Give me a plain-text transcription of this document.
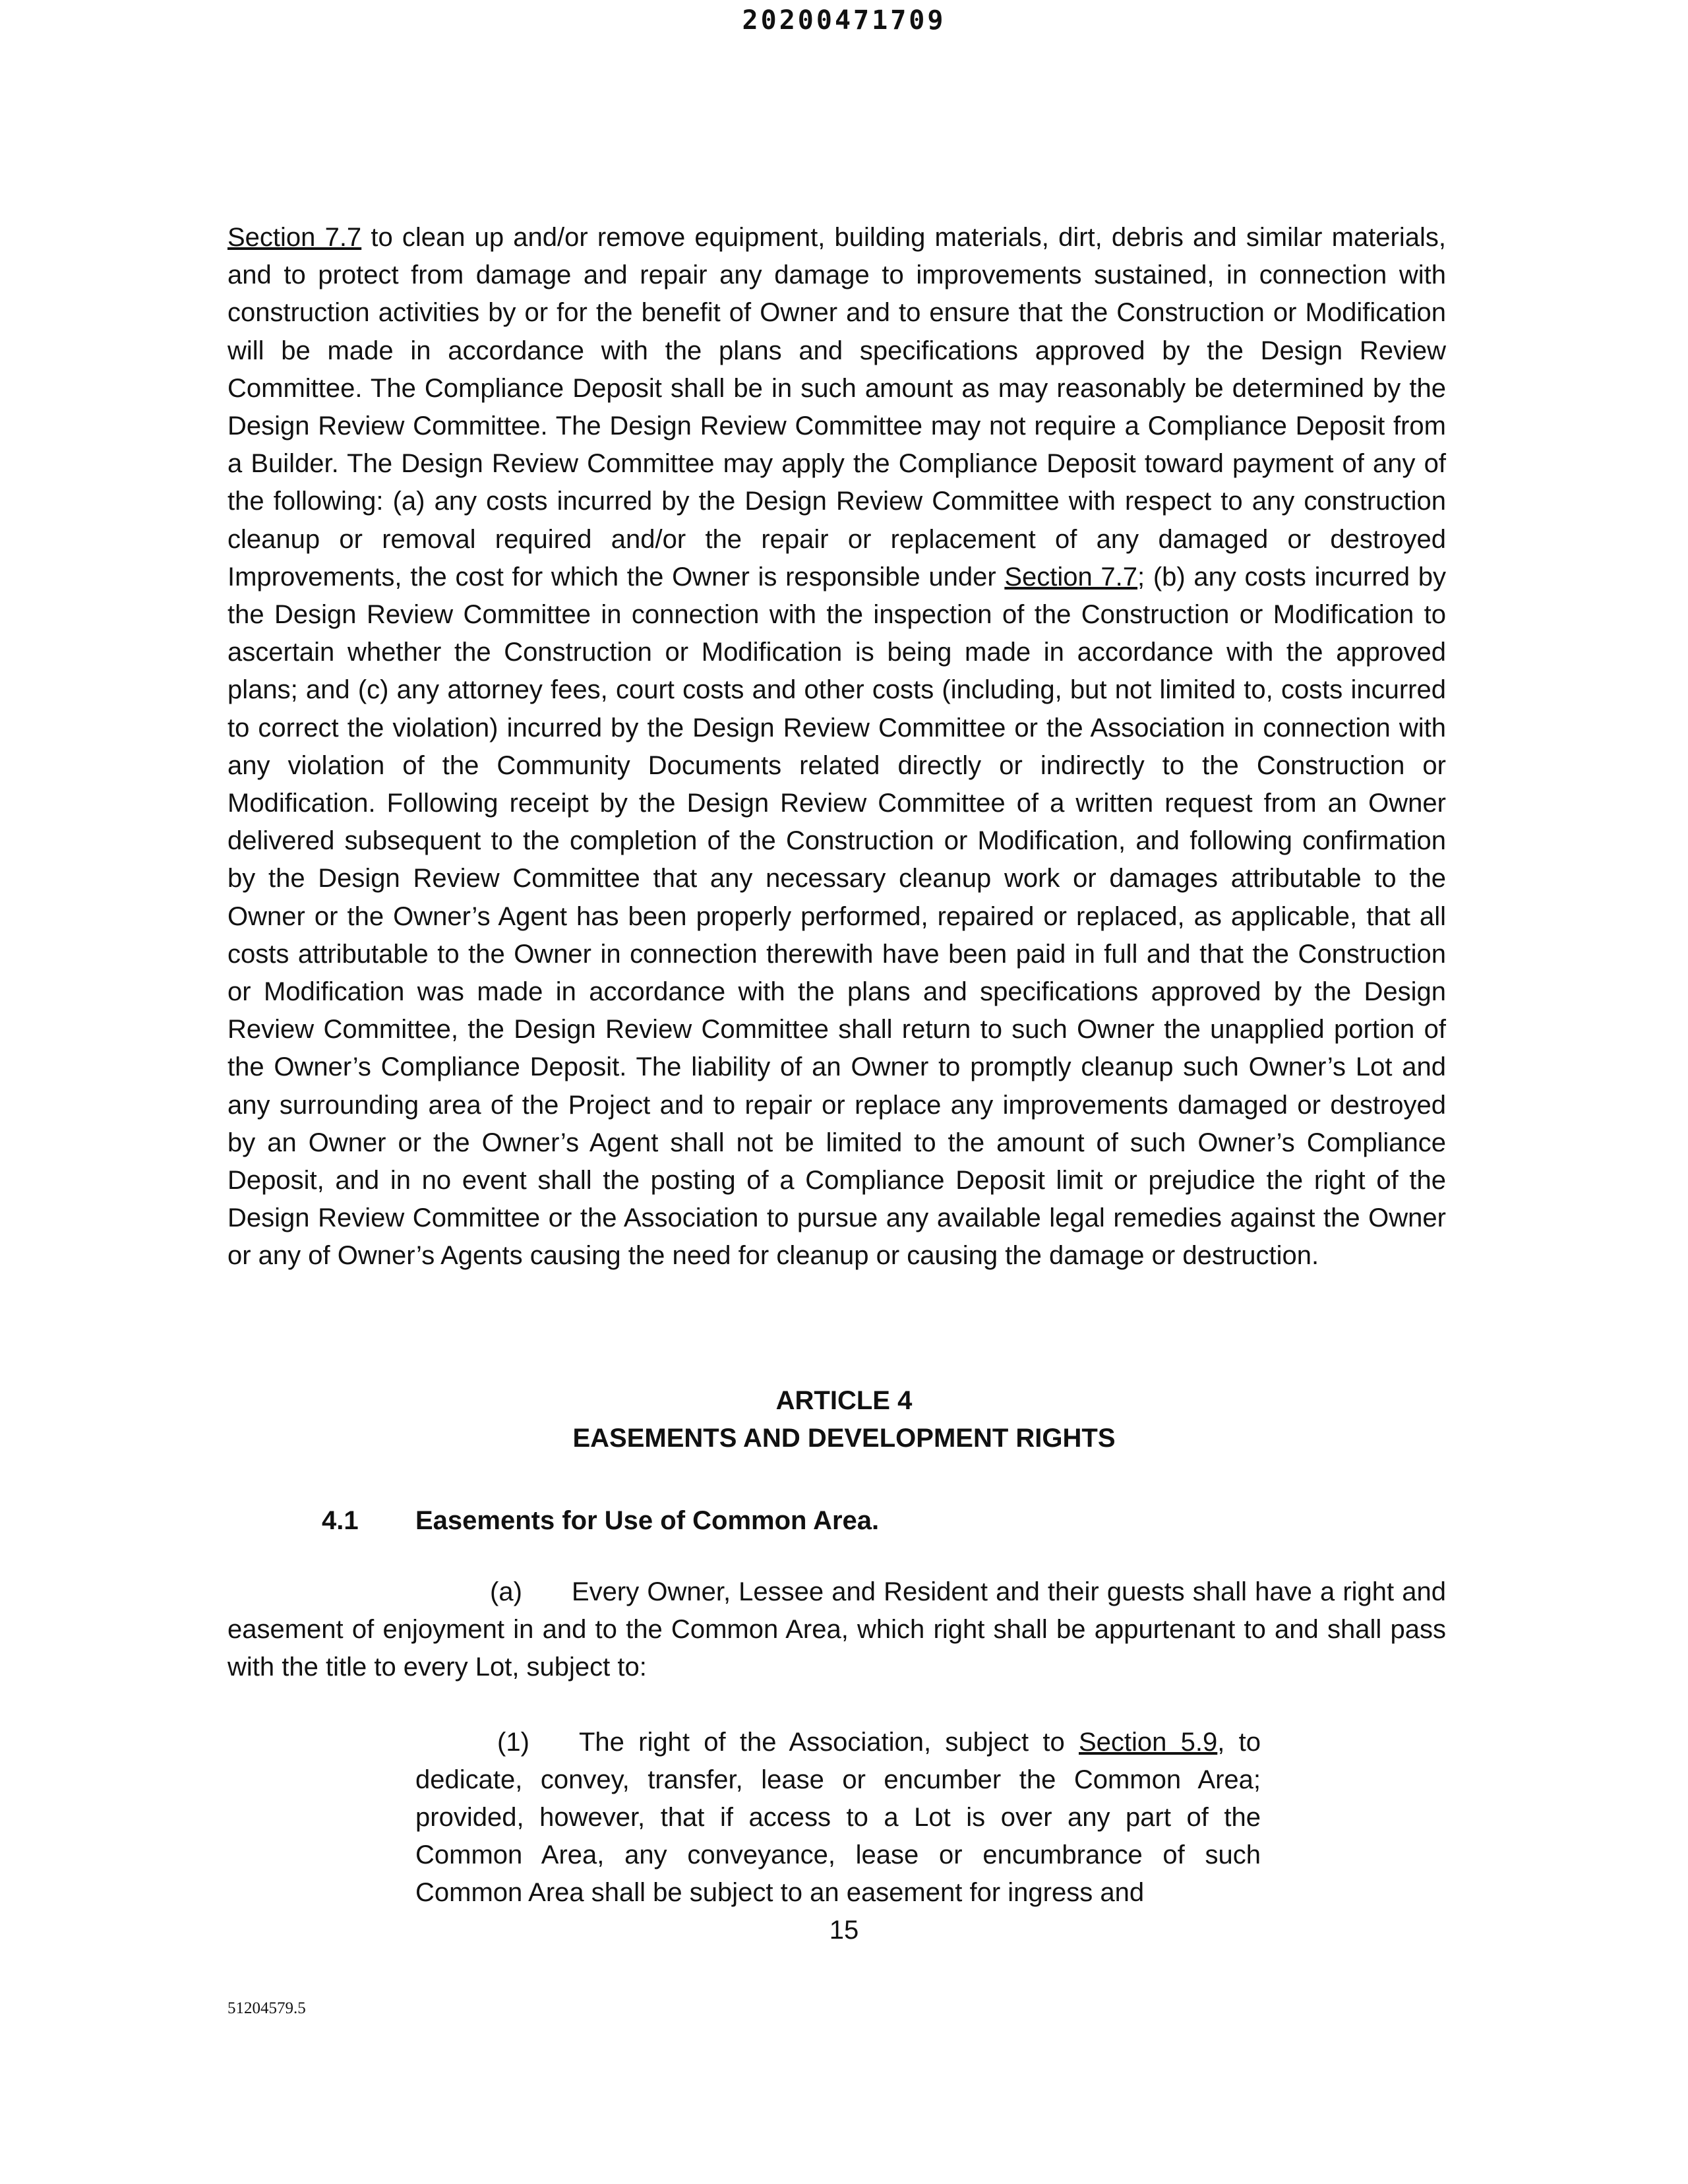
20200471709

Section 7.7 to clean up and/or remove equipment, building materials, dirt, debris and similar materials, and to protect from damage and repair any damage to improvements sustained, in connection with construction activities by or for the benefit of Owner and to ensure that the Construction or Modification will be made in accordance with the plans and specifications approved by the Design Review Committee. The Compliance Deposit shall be in such amount as may reasonably be determined by the Design Review Committee. The Design Review Committee may not require a Compliance Deposit from a Builder. The Design Review Committee may apply the Compliance Deposit toward payment of any of the following: (a) any costs incurred by the Design Review Committee with respect to any construction cleanup or removal required and/or the repair or replacement of any damaged or destroyed Improvements, the cost for which the Owner is responsible under Section 7.7; (b) any costs incurred by the Design Review Committee in connection with the inspection of the Construction or Modification to ascertain whether the Construction or Modification is being made in accordance with the approved plans; and (c) any attorney fees, court costs and other costs (including, but not limited to, costs incurred to correct the violation) incurred by the Design Review Committee or the Association in connection with any violation of the Community Documents related directly or indirectly to the Construction or Modification. Following receipt by the Design Review Committee of a written request from an Owner delivered subsequent to the completion of the Construction or Modification, and following confirmation by the Design Review Committee that any necessary cleanup work or damages attributable to the Owner or the Owner’s Agent has been properly performed, repaired or replaced, as applicable, that all costs attributable to the Owner in connection therewith have been paid in full and that the Construction or Modification was made in accordance with the plans and specifications approved by the Design Review Committee, the Design Review Committee shall return to such Owner the unapplied portion of the Owner’s Compliance Deposit. The liability of an Owner to promptly cleanup such Owner’s Lot and any surrounding area of the Project and to repair or replace any improvements damaged or destroyed by an Owner or the Owner’s Agent shall not be limited to the amount of such Owner’s Compliance Deposit, and in no event shall the posting of a Compliance Deposit limit or prejudice the right of the Design Review Committee or the Association to pursue any available legal remedies against the Owner or any of Owner’s Agents causing the need for cleanup or causing the damage or destruction.

ARTICLE 4

EASEMENTS AND DEVELOPMENT RIGHTS

4.1 Easements for Use of Common Area.

(a) Every Owner, Lessee and Resident and their guests shall have a right and easement of enjoyment in and to the Common Area, which right shall be appurtenant to and shall pass with the title to every Lot, subject to:

(1) The right of the Association, subject to Section 5.9, to dedicate, convey, transfer, lease or encumber the Common Area; provided, however, that if access to a Lot is over any part of the Common Area, any conveyance, lease or encumbrance of such Common Area shall be subject to an easement for ingress and

15
51204579.5
